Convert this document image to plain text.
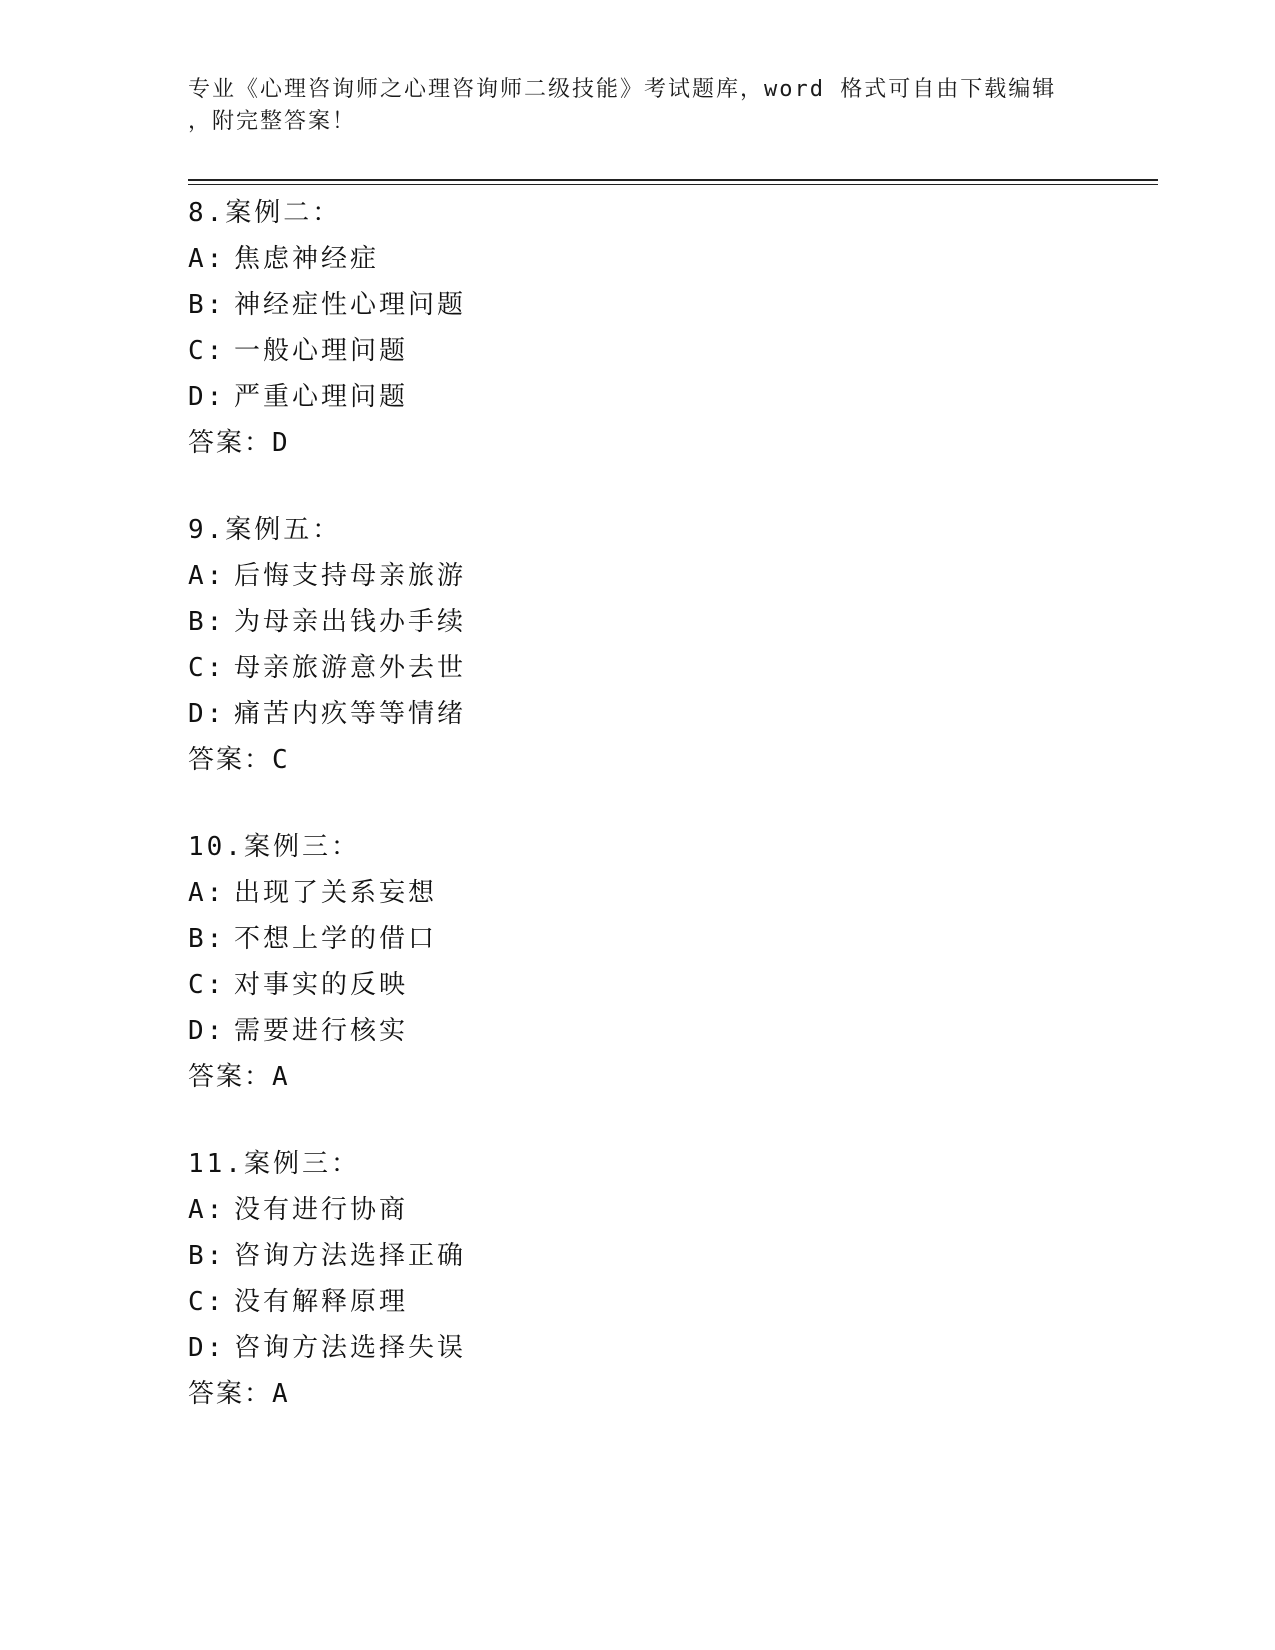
专业《心理咨询师之心理咨询师二级技能》考试题库，word 格式可自由下载编辑
，附完整答案！
8.案例二：
A: 焦虑神经症
B: 神经症性心理问题
C: 一般心理问题
D: 严重心理问题
答案：D
9.案例五：
A: 后悔支持母亲旅游
B: 为母亲出钱办手续
C: 母亲旅游意外去世
D: 痛苦内疚等等情绪
答案：C
10.案例三：
A: 出现了关系妄想
B: 不想上学的借口
C: 对事实的反映
D: 需要进行核实
答案：A
11.案例三：
A: 没有进行协商
B: 咨询方法选择正确
C: 没有解释原理
D: 咨询方法选择失误
答案：A
